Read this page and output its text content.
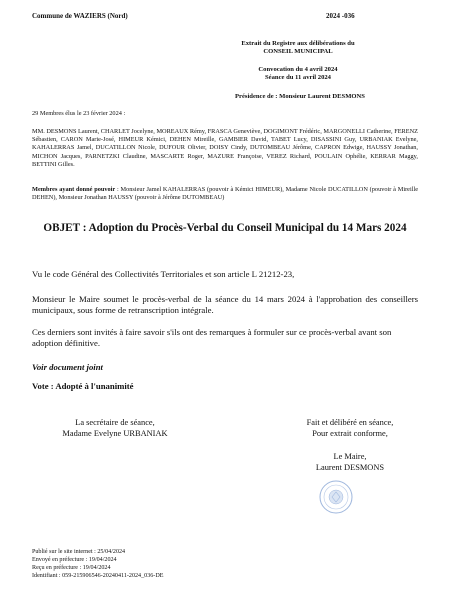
Commune de WAZIERS (Nord)	2024 -036
Extrait du Registre aux délibérations du
CONSEIL MUNICIPAL
Convocation du 4 avril 2024
Séance du 11 avril 2024
Présidence de : Monsieur Laurent DESMONS
29 Membres élus le 23 février 2024 :
MM. DESMONS Laurent, CHARLET Jocelyne, MOREAUX Rémy, FRASCA Geneviève, DOGIMONT Frédéric, MARGONELLI Catherine, FERENZ Sébastien, CARON Marie-José, HIMEUR Kémici, DEHEN Mireille, GAMBIER David, TABET Lucy, DISASSINI Guy, URBANIAK Evelyne, KAHALERRAS Jamel, DUCATILLON Nicole, DUFOUR Olivier, DOISY Cindy, DUTOMBEAU Jérôme, CAPRON Edwige, HAUSSY Jonathan, MICHON Jacques, PARNETZKI Claudine, MASCARTE Roger, MAZURE Françoise, VEREZ Richard, POULAIN Ophélie, KERRAR Maggy, BETTINI Gilles.
Membres ayant donné pouvoir : Monsieur Jamel KAHALERRAS (pouvoir à Kémici HIMEUR), Madame Nicole DUCATILLON (pouvoir à Mireille DEHEN), Monsieur Jonathan HAUSSY (pouvoir à Jérôme DUTOMBEAU)
OBJET : Adoption du Procès-Verbal du Conseil Municipal du 14 Mars 2024
Vu le code Général des Collectivités Territoriales et son article L 21212-23,
Monsieur le Maire soumet le procès-verbal de la séance du 14 mars 2024 à l'approbation des conseillers municipaux, sous forme de retranscription intégrale.
Ces derniers sont invités à faire savoir s'ils ont des remarques à formuler sur ce procès-verbal avant son adoption définitive.
Voir document joint
Vote : Adopté à l'unanimité
La secrétaire de séance,
Madame Evelyne URBANIAK
Fait et délibéré en séance,
Pour extrait conforme,
Le Maire,
Laurent DESMONS
Publié sur le site internet : 25/04/2024
Envoyé en préfecture : 19/04/2024
Reçu en préfecture : 19/04/2024
Identifiant : 059-215906546-20240411-2024_036-DE
